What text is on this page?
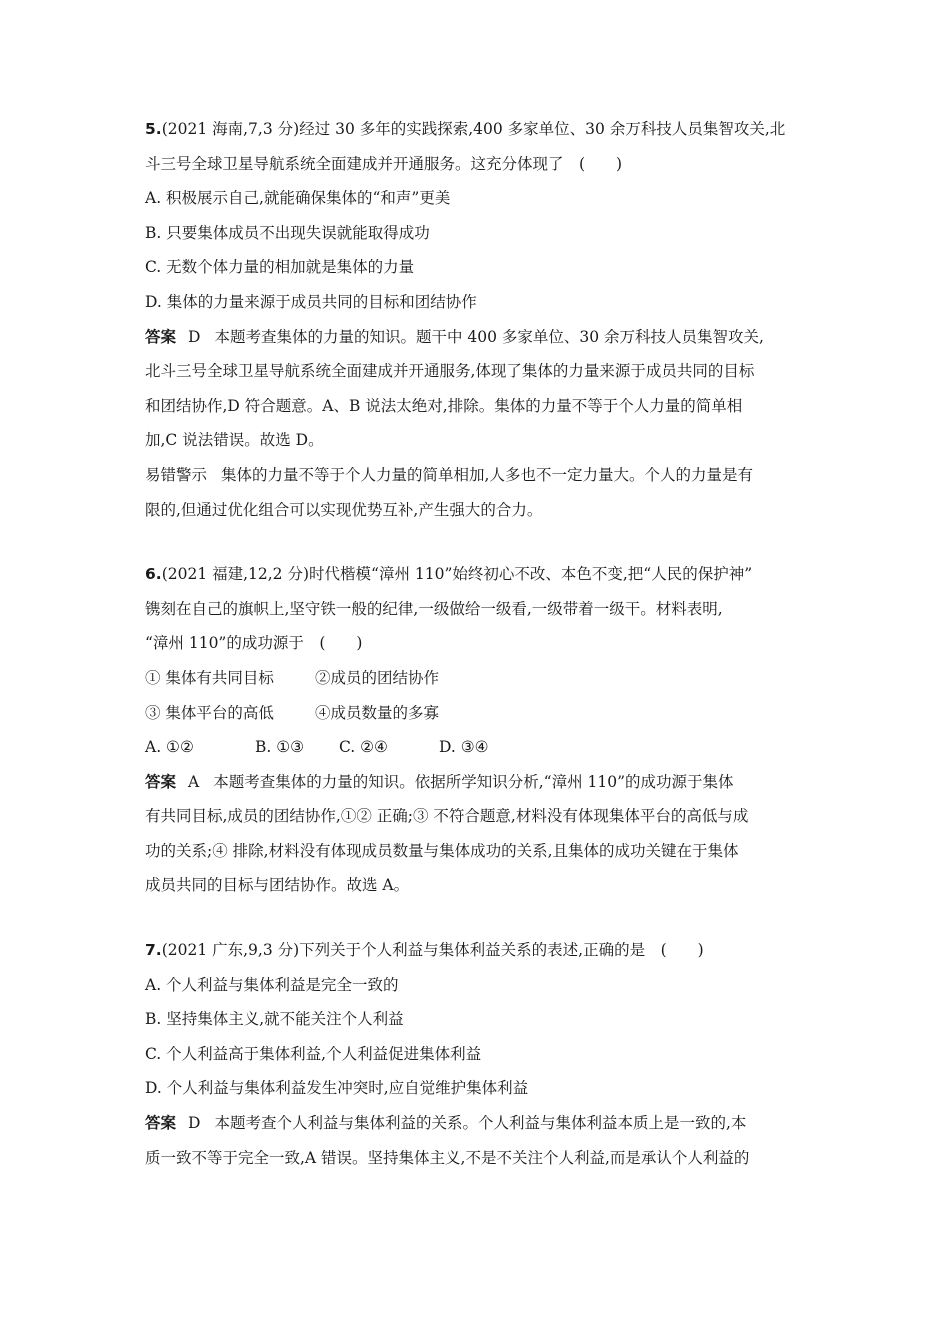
5.(2021 海南,7,3 分)经过 30 多年的实践探索,400 多家单位、30 余万科技人员集智攻关,北
斗三号全球卫星导航系统全面建成并开通服务。这充分体现了　(　　)
A. 积极展示自己,就能确保集体的“和声”更美
B. 只要集体成员不出现失误就能取得成功
C. 无数个体力量的相加就是集体的力量
D. 集体的力量来源于成员共同的目标和团结协作
答案 D 本题考查集体的力量的知识。题干中 400 多家单位、30 余万科技人员集智攻关,
北斗三号全球卫星导航系统全面建成并开通服务,体现了集体的力量来源于成员共同的目标
和团结协作,D 符合题意。A、B 说法太绝对,排除。集体的力量不等于个人力量的简单相
加,C 说法错误。故选 D。
易错警示 集体的力量不等于个人力量的简单相加,人多也不一定力量大。个人的力量是有
限的,但通过优化组合可以实现优势互补,产生强大的合力。
6.(2021 福建,12,2 分)时代楷模“漳州 110”始终初心不改、本色不变,把“人民的保护神”
镌刻在自己的旗帜上,坚守铁一般的纪律,一级做给一级看,一级带着一级干。材料表明,
“漳州 110”的成功源于　(　　)
① 集体有共同目标	②成员的团结协作
③ 集体平台的高低	④成员数量的多寡
A. ①②	B. ①③ C. ②④	D. ③④
答案 A 本题考查集体的力量的知识。依据所学知识分析,“漳州 110”的成功源于集体
有共同目标,成员的团结协作,①② 正确;③ 不符合题意,材料没有体现集体平台的高低与成
功的关系;④ 排除,材料没有体现成员数量与集体成功的关系,且集体的成功关键在于集体
成员共同的目标与团结协作。故选 A。
7.(2021 广东,9,3 分)下列关于个人利益与集体利益关系的表述,正确的是　(　　)
A. 个人利益与集体利益是完全一致的
B. 坚持集体主义,就不能关注个人利益
C. 个人利益高于集体利益,个人利益促进集体利益
D. 个人利益与集体利益发生冲突时,应自觉维护集体利益
答案 D 本题考查个人利益与集体利益的关系。个人利益与集体利益本质上是一致的,本
质一致不等于完全一致,A 错误。坚持集体主义,不是不关注个人利益,而是承认个人利益的
